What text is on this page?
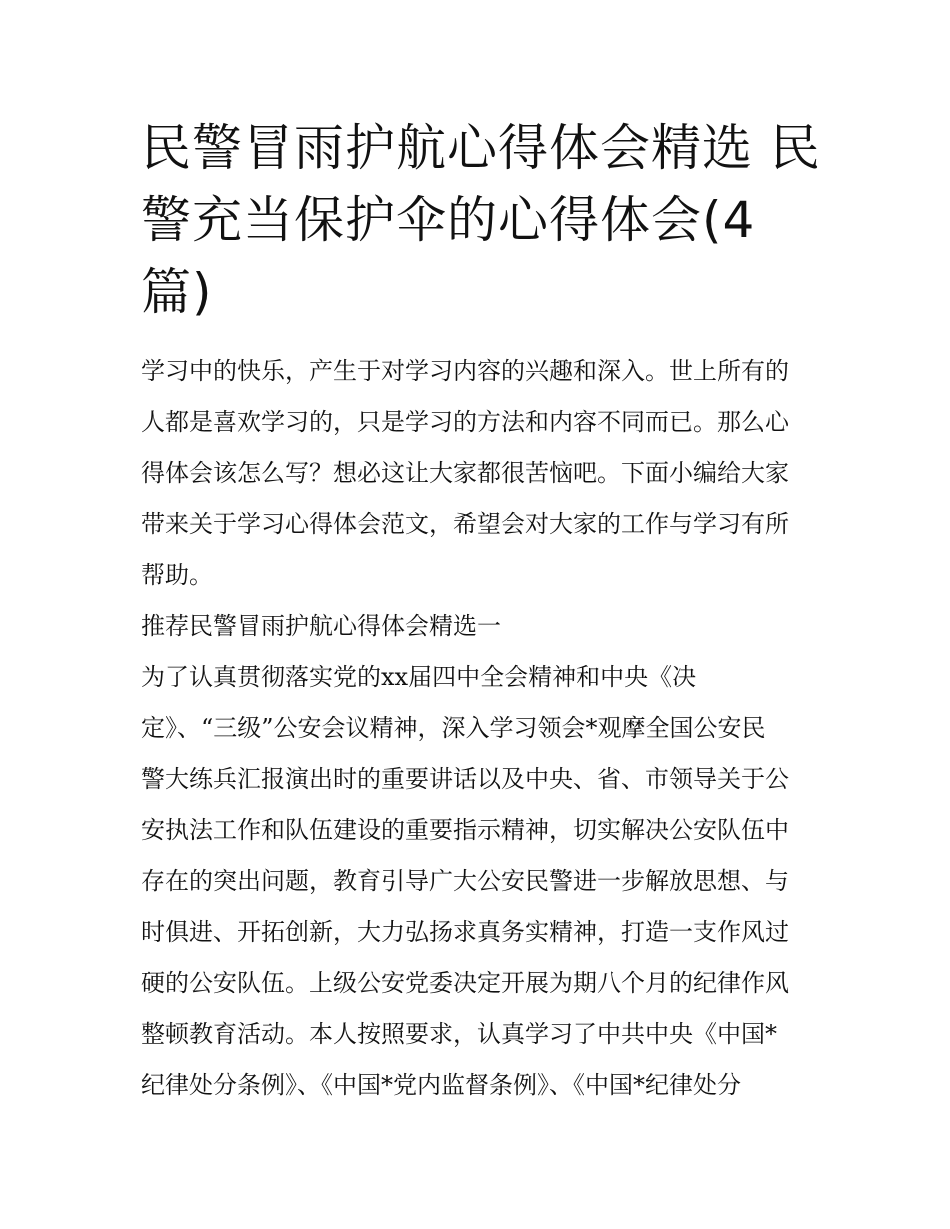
民警冒雨护航心得体会精选 民
警充当保护伞的心得体会(4
篇)

学习中的快乐，产生于对学习内容的兴趣和深入。世上所有的
人都是喜欢学习的，只是学习的方法和内容不同而已。那么心
得体会该怎么写？想必这让大家都很苦恼吧。下面小编给大家
带来关于学习心得体会范文，希望会对大家的工作与学习有所
帮助。

推荐民警冒雨护航心得体会精选一

为了认真贯彻落实党的xx届四中全会精神和中央《决
定》、“三级”公安会议精神，深入学习领会*观摩全国公安民
警大练兵汇报演出时的重要讲话以及中央、省、市领导关于公
安执法工作和队伍建设的重要指示精神，切实解决公安队伍中
存在的突出问题，教育引导广大公安民警进一步解放思想、与
时俱进、开拓创新，大力弘扬求真务实精神，打造一支作风过
硬的公安队伍。上级公安党委决定开展为期八个月的纪律作风
整顿教育活动。本人按照要求，认真学习了中共中央《中国*
纪律处分条例》、《中国*党内监督条例》、《中国*纪律处分
